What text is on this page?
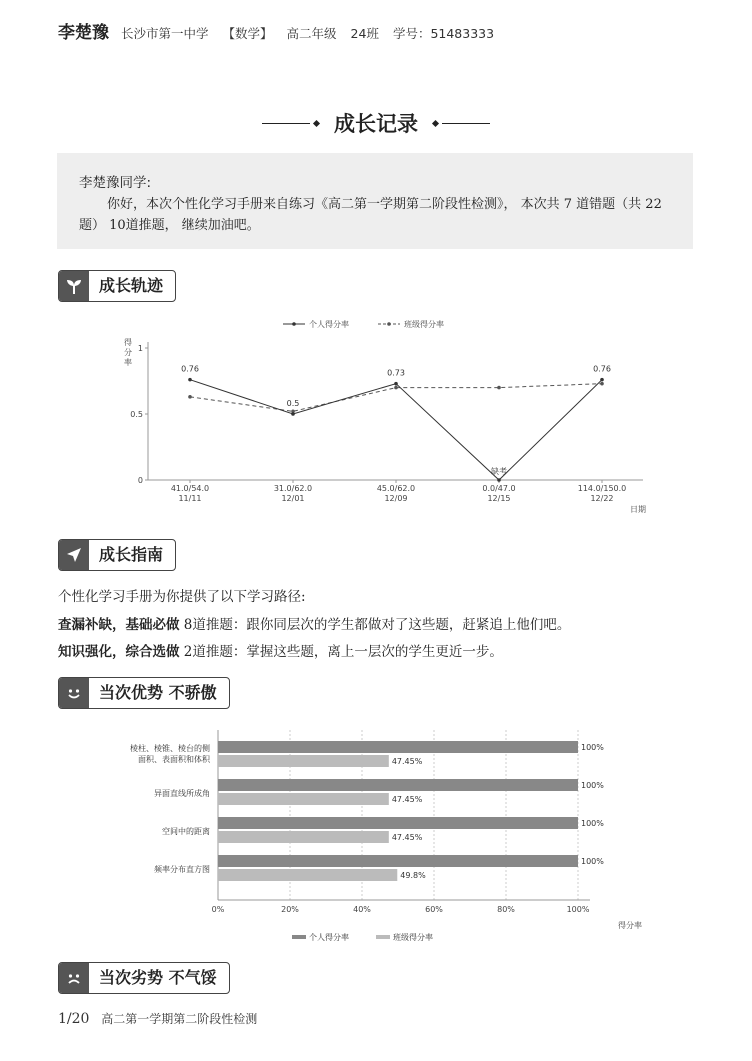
李楚豫 长沙市第一中学 【数学】 高二年级 24班 学号：51483333
成长记录
李楚豫同学:

你好，本次个性化学习手册来自练习《高二第一学期第二阶段性检测》， 本次共 7 道错题（共 22 题） 10道推题， 继续加油吧。

成长轨迹
个人得分率	班级得分率
得
分
率
0
0.5
1
41.0/54.0
11/11
31.0/62.0
12/01
45.0/62.0
12/09
0.0/47.0
12/15
114.0/150.0
12/22
日期
0.76
0.5
0.73
缺考
0.76
成长指南
个性化学习手册为你提供了以下学习路径:
查漏补缺，基础必做 8道推题：跟你同层次的学生都做对了这些题，赶紧追上他们吧。
知识强化，综合选做 2道推题：掌握这些题，离上一层次的学生更近一步。
当次优势 不骄傲
0%	20%	40%	60%	80%	100%
得分率
棱柱、棱锥、棱台的侧
面积、表面积和体积
100%
47.45%
异面直线所成角
100%
47.45%
空间中的距离
100%
47.45%
频率分布直方图
100%
49.8%
个人得分率	班级得分率
当次劣势 不气馁
1/20 高二第一学期第二阶段性检测
